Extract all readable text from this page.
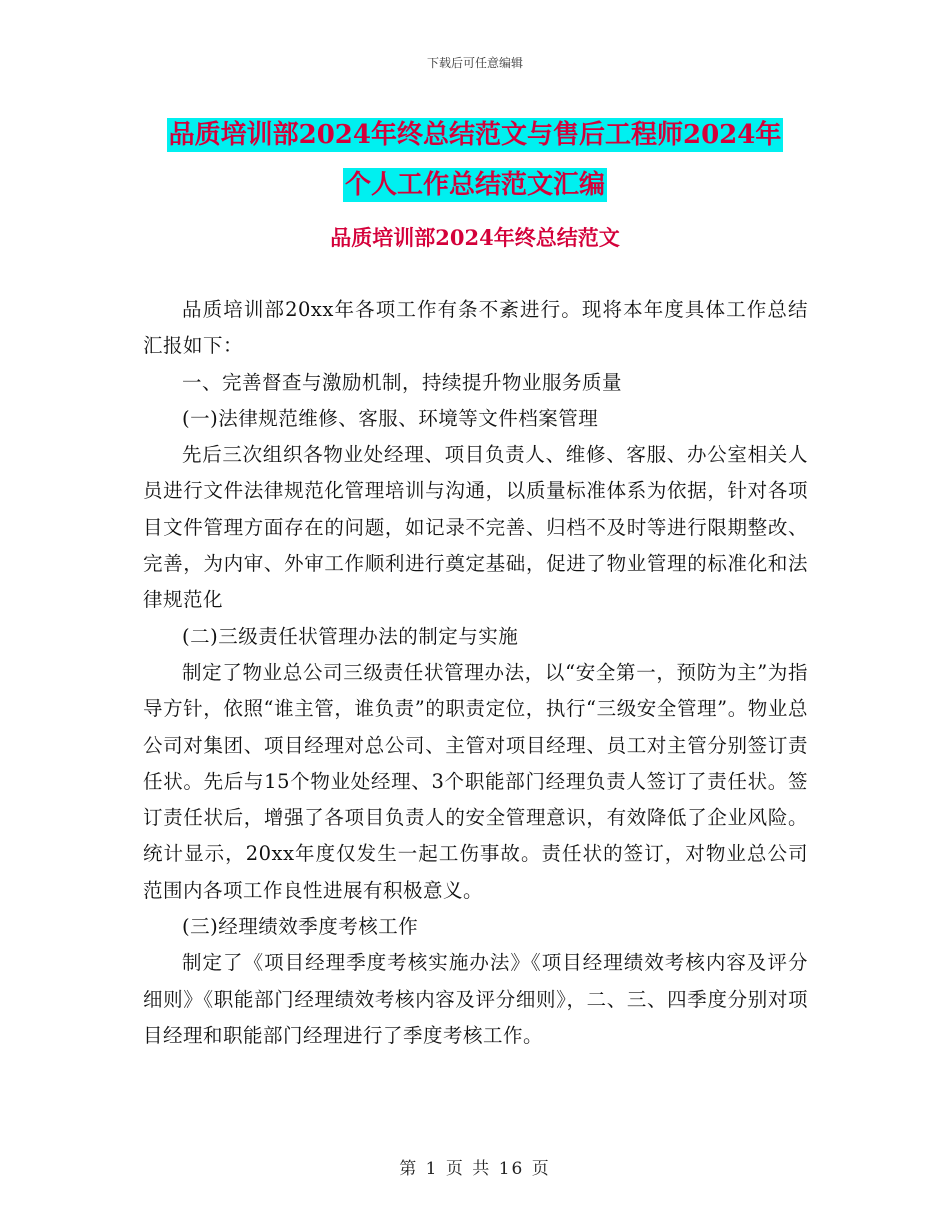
下载后可任意编辑
品质培训部2024年终总结范文与售后工程师2024年
个人工作总结范文汇编
品质培训部2024年终总结范文

品质培训部20xx年各项工作有条不紊进行。现将本年度具体工作总结汇报如下：

一、完善督查与激励机制，持续提升物业服务质量

(一)法律规范维修、客服、环境等文件档案管理

先后三次组织各物业处经理、项目负责人、维修、客服、办公室相关人员进行文件法律规范化管理培训与沟通，以质量标准体系为依据，针对各项目文件管理方面存在的问题，如记录不完善、归档不及时等进行限期整改、完善，为内审、外审工作顺利进行奠定基础，促进了物业管理的标准化和法律规范化

(二)三级责任状管理办法的制定与实施

制定了物业总公司三级责任状管理办法，以“安全第一，预防为主”为指导方针，依照“谁主管，谁负责”的职责定位，执行“三级安全管理”。物业总公司对集团、项目经理对总公司、主管对项目经理、员工对主管分别签订责任状。先后与15个物业处经理、3个职能部门经理负责人签订了责任状。签订责任状后，增强了各项目负责人的安全管理意识，有效降低了企业风险。统计显示，20xx年度仅发生一起工伤事故。责任状的签订，对物业总公司范围内各项工作良性进展有积极意义。

(三)经理绩效季度考核工作

制定了《项目经理季度考核实施办法》《项目经理绩效考核内容及评分细则》《职能部门经理绩效考核内容及评分细则》，二、三、四季度分别对项目经理和职能部门经理进行了季度考核工作。

第 1 页 共 16 页
